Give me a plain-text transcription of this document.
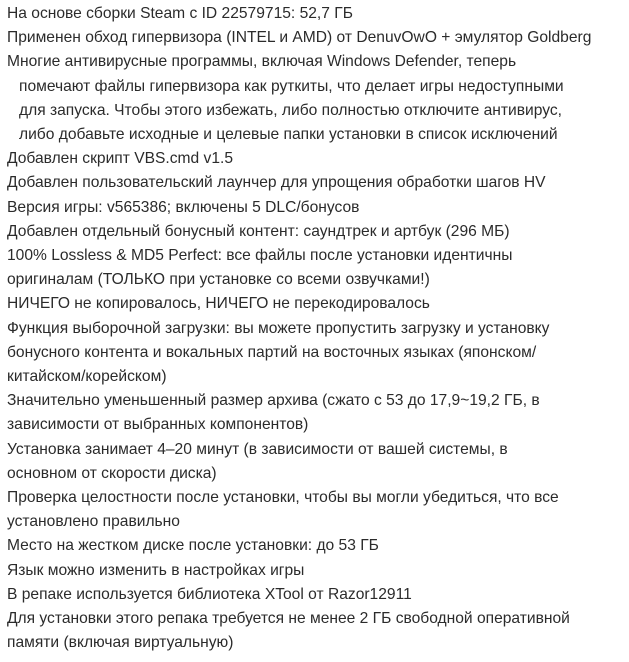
На основе сборки Steam с ID 22579715: 52,7 ГБ
Применен обход гипервизора (INTEL и AMD) от DenuvOwO + эмулятор Goldberg
Многие антивирусные программы, включая Windows Defender, теперь
помечают файлы гипервизора как руткиты, что делает игры недоступными
для запуска. Чтобы этого избежать, либо полностью отключите антивирус,
либо добавьте исходные и целевые папки установки в список исключений
Добавлен скрипт VBS.cmd v1.5
Добавлен пользовательский лаунчер для упрощения обработки шагов HV
Версия игры: v565386; включены 5 DLC/бонусов
Добавлен отдельный бонусный контент: саундтрек и артбук (296 МБ)
100% Lossless & MD5 Perfect: все файлы после установки идентичны
оригиналам (ТОЛЬКО при установке со всеми озвучками!)
НИЧЕГО не копировалось, НИЧЕГО не перекодировалось
Функция выборочной загрузки: вы можете пропустить загрузку и установку
бонусного контента и вокальных партий на восточных языках (японском/
китайском/корейском)
Значительно уменьшенный размер архива (сжато с 53 до 17,9~19,2 ГБ, в
зависимости от выбранных компонентов)
Установка занимает 4–20 минут (в зависимости от вашей системы, в
основном от скорости диска)
Проверка целостности после установки, чтобы вы могли убедиться, что все
установлено правильно
Место на жестком диске после установки: до 53 ГБ
Язык можно изменить в настройках игры
В репаке используется библиотека XTool от Razor12911
Для установки этого репака требуется не менее 2 ГБ свободной оперативной
памяти (включая виртуальную)
